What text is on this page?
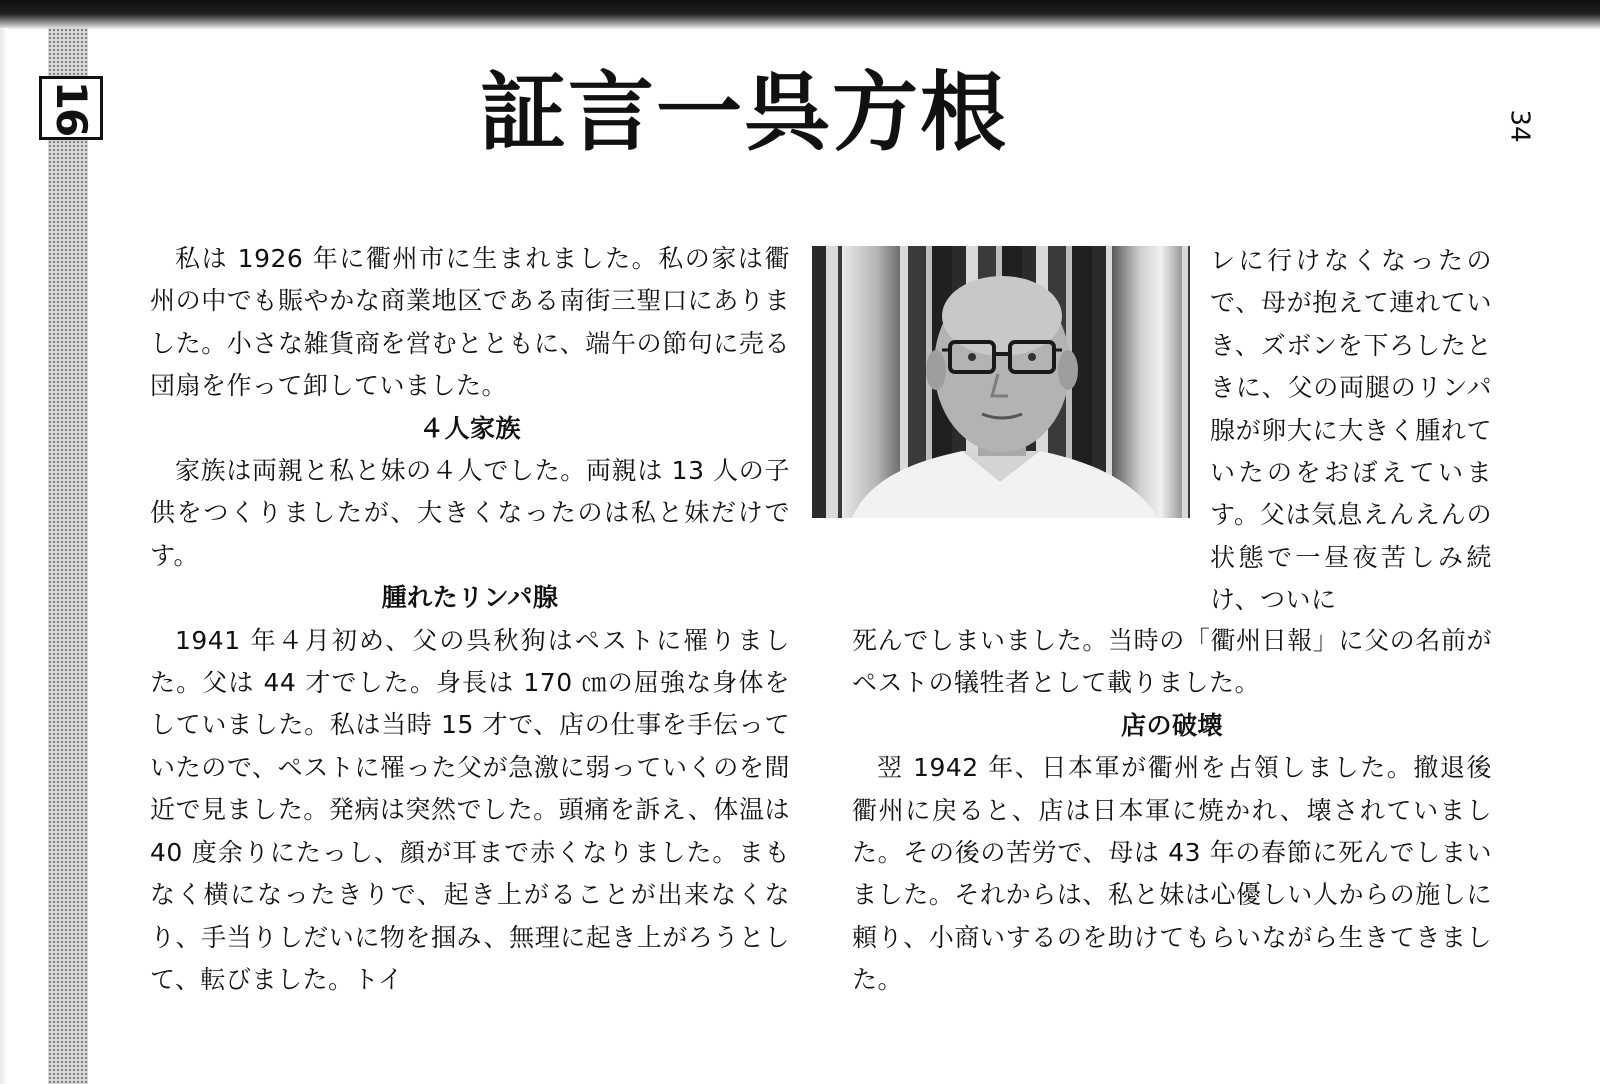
16	34
証言一呉方根

私は 1926 年に衢州市に生まれました。私の家は衢州の中でも賑やかな商業地区である南街三聖口にありました。小さな雑貨商を営むとともに、端午の節句に売る団扇を作って卸していました。

４人家族

家族は両親と私と妹の４人でした。両親は 13 人の子供をつくりましたが、大きくなったのは私と妹だけです。

腫れたリンパ腺

1941 年４月初め、父の呉秋狗はペストに罹りました。父は 44 才でした。身長は 170 ㎝の屈強な身体をしていました。私は当時 15 才で、店の仕事を手伝っていたので、ペストに罹った父が急激に弱っていくのを間近で見ました。発病は突然でした。頭痛を訴え、体温は 40 度余りにたっし、顔が耳まで赤くなりました。まもなく横になったきりで、起き上がることが出来なくなり、手当りしだいに物を掴み、無理に起き上がろうとして、転びました。トイ

レに行けなくなったので、母が抱えて連れていき、ズボンを下ろしたときに、父の両腿のリンパ腺が卵大に大きく腫れていたのをおぼえています。父は気息えんえんの状態で一昼夜苦しみ続け、ついに

死んでしまいました。当時の「衢州日報」に父の名前がペストの犠牲者として載りました。

店の破壊

翌 1942 年、日本軍が衢州を占領しました。撤退後衢州に戻ると、店は日本軍に焼かれ、壊されていました。その後の苦労で、母は 43 年の春節に死んでしまいました。それからは、私と妹は心優しい人からの施しに頼り、小商いするのを助けてもらいながら生きてきました。
